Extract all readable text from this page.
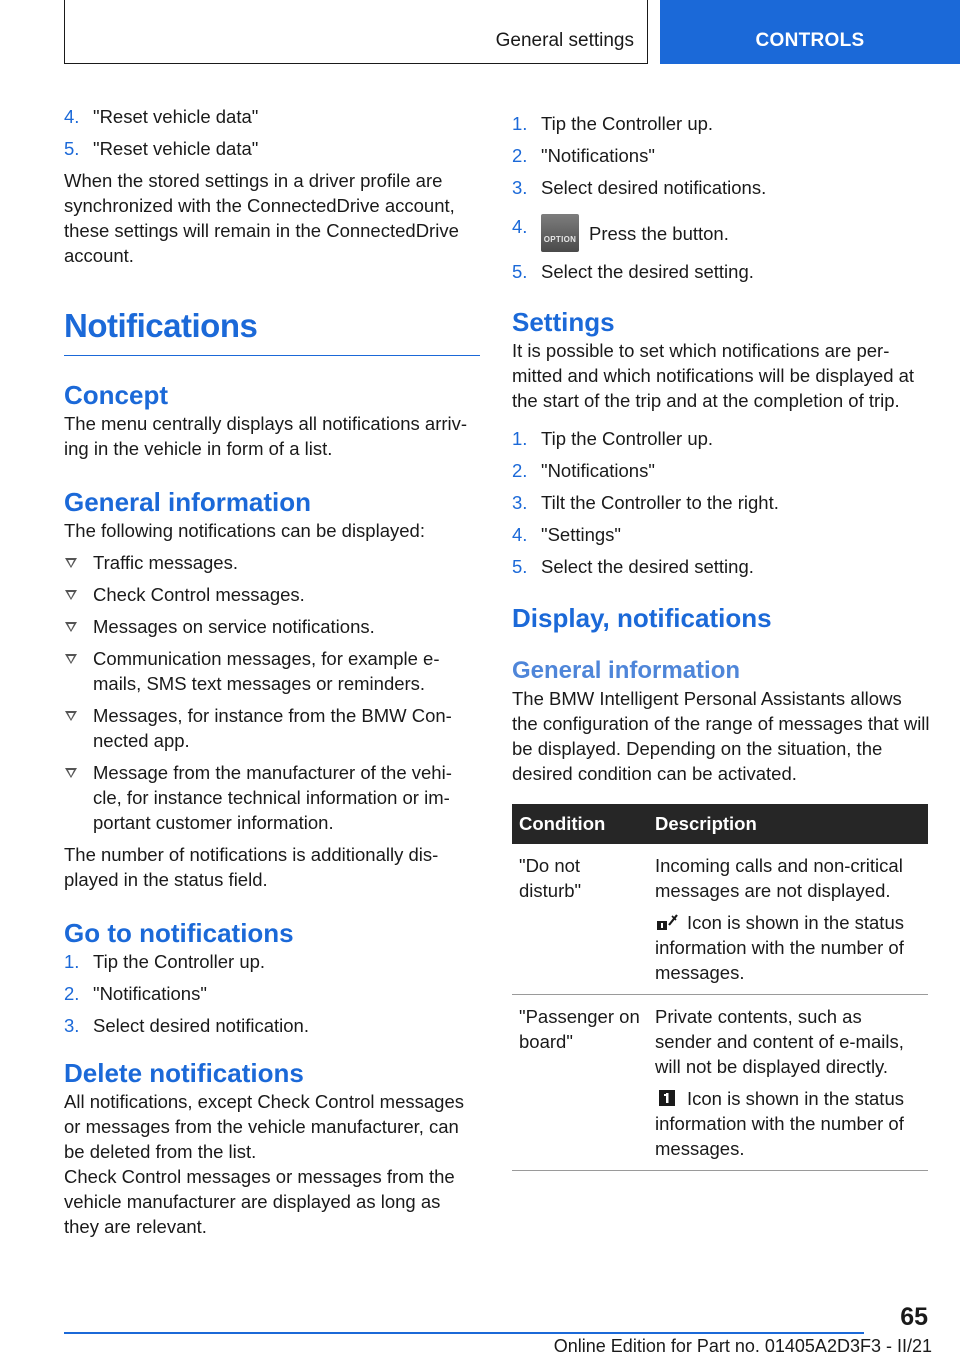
General settings	CONTROLS
4. "Reset vehicle data"
5. "Reset vehicle data"

When the stored settings in a driver profile are synchronized with the ConnectedDrive account, these settings will remain in the ConnectedDrive account.

Notifications
Concept

The menu centrally displays all notifications arriv-ing in the vehicle in form of a list.

General information

The following notifications can be displayed:

Traffic messages.
Check Control messages.
Messages on service notifications.
Communication messages, for example e-mails, SMS text messages or reminders.
Messages, for instance from the BMW Con-nected app.
Message from the manufacturer of the vehi-cle, for instance technical information or im-portant customer information.

The number of notifications is additionally dis-played in the status field.

Go to notifications
1. Tip the Controller up.
2. "Notifications"
3. Select desired notification.
Delete notifications

All notifications, except Check Control messages or messages from the vehicle manufacturer, can be deleted from the list.

Check Control messages or messages from the vehicle manufacturer are displayed as long as they are relevant.

1. Tip the Controller up.
2. "Notifications"
3. Select desired notifications.
4.
OPTION Press the button.
5. Select the desired setting.
Settings

It is possible to set which notifications are per-mitted and which notifications will be displayed at the start of the trip and at the completion of trip.

1. Tip the Controller up.
2. "Notifications"
3. Tilt the Controller to the right.
4. "Settings"
5. Select the desired setting.
Display, notifications
General information

The BMW Intelligent Personal Assistants allows the configuration of the range of messages that will be displayed. Depending on the situation, the desired condition can be activated.

Condition	Description
"Do not disturb"	Incoming calls and non-critical messages are not displayed.

Icon is shown in the status information with the number of messages.

"Passenger on board"	Private contents, such as sender and content of e-mails, will not be displayed directly.

Icon is shown in the status information with the number of messages.

65
Online Edition for Part no. 01405A2D3F3 - II/21
